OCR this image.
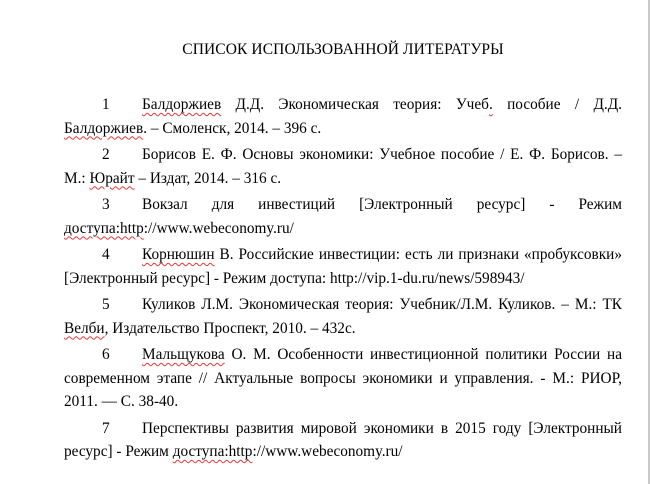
СПИСОК ИСПОЛЬЗОВАННОЙ ЛИТЕРАТУРЫ
1 Балдоржиев Д.Д. Экономическая теория: Учеб. пособие / Д.Д. Балдоржиев. – Смоленск, 2014. – 396 с.
2 Борисов Е. Ф. Основы экономики: Учебное пособие / Е. Ф. Борисов. – М.: Юрайт – Издат, 2014. – 316 с.
3 Вокзал для инвестиций [Электронный ресурс] - Режим доступа:http://www.webeconomy.ru/
4 Корнюшин В. Российские инвестиции: есть ли признаки «пробуксовки» [Электронный ресурс] - Режим доступа: http://vip.1-du.ru/news/598943/
5 Куликов Л.М. Экономическая теория: Учебник/Л.М. Куликов. – М.: ТК Велби, Издательство Проспект, 2010. – 432с.
6 Мальщукова О. М. Особенности инвестиционной политики России на современном этапе // Актуальные вопросы экономики и управления. - М.: РИОР, 2011. — С. 38-40.
7 Перспективы развития мировой экономики в 2015 году [Электронный ресурс] - Режим доступа:http://www.webeconomy.ru/
